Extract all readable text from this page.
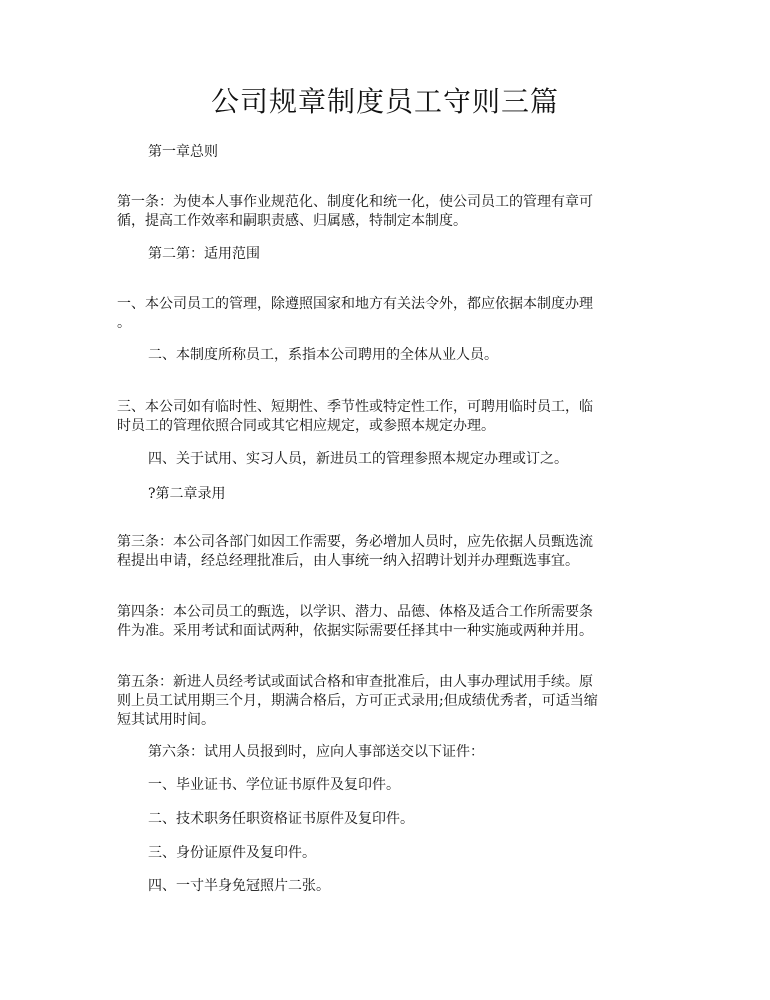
公司规章制度员工守则三篇

第一章总则

第一条：为使本人事作业规范化、制度化和统一化，使公司员工的管理有章可

循，提高工作效率和嗣职责感、归属感，特制定本制度。

第二第：适用范围

一、本公司员工的管理，除遵照国家和地方有关法令外，都应依据本制度办理

。

二、本制度所称员工，系指本公司聘用的全体从业人员。

三、本公司如有临时性、短期性、季节性或特定性工作，可聘用临时员工，临

时员工的管理依照合同或其它相应规定，或参照本规定办理。

四、关于试用、实习人员，新进员工的管理参照本规定办理或订之。

?第二章录用

第三条：本公司各部门如因工作需要，务必增加人员时，应先依据人员甄选流

程提出申请，经总经理批准后，由人事统一纳入招聘计划并办理甄选事宜。

第四条：本公司员工的甄选，以学识、潜力、品德、体格及适合工作所需要条

件为准。采用考试和面试两种，依据实际需要任择其中一种实施或两种并用。

第五条：新进人员经考试或面试合格和审查批准后，由人事办理试用手续。原

则上员工试用期三个月，期满合格后，方可正式录用;但成绩优秀者，可适当缩

短其试用时间。

第六条：试用人员报到时，应向人事部送交以下证件：

一、毕业证书、学位证书原件及复印件。

二、技术职务任职资格证书原件及复印件。

三、身份证原件及复印件。

四、一寸半身免冠照片二张。
